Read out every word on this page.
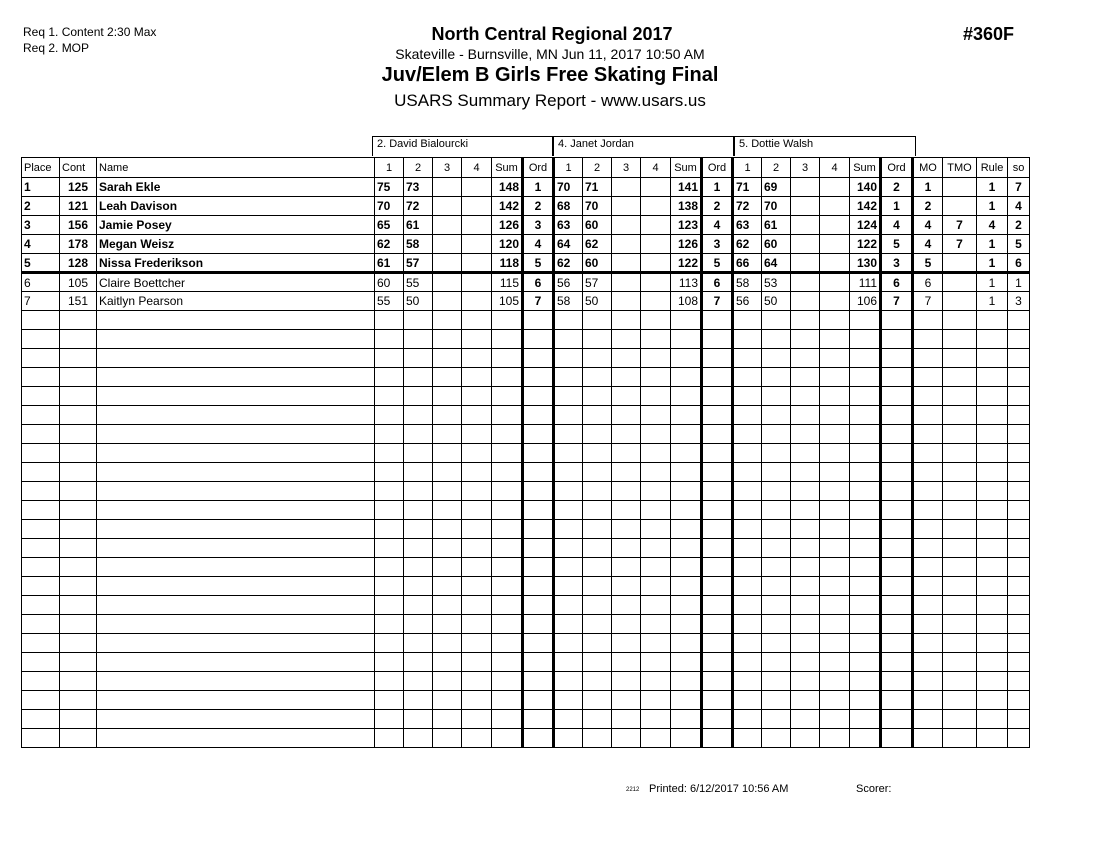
Req 1. Content 2:30 Max
Req 2. MOP
North Central Regional 2017
Skateville - Burnsville, MN Jun 11, 2017 10:50 AM
Juv/Elem B Girls Free Skating Final
USARS Summary Report - www.usars.us
#360F
2. David Bialourcki	4. Janet Jordan	5. Dottie Walsh
Place	Cont	Name	1	2	3	4	Sum	Ord	1	2	3	4	Sum	Ord	1	2	3	4	Sum	Ord	MO	TMO	Rule	so
1	125	Sarah Ekle	75	73			148	1	70	71			141	1	71	69			140	2	1		1	7
2	121	Leah Davison	70	72			142	2	68	70			138	2	72	70			142	1	2		1	4
3	156	Jamie Posey	65	61			126	3	63	60			123	4	63	61			124	4	4	7	4	2
4	178	Megan Weisz	62	58			120	4	64	62			126	3	62	60			122	5	4	7	1	5
5	128	Nissa Frederikson	61	57			118	5	62	60			122	5	66	64			130	3	5		1	6
6	105	Claire Boettcher	60	55			115	6	56	57			113	6	58	53			111	6	6		1	1
7	151	Kaitlyn Pearson	55	50			105	7	58	50			108	7	56	50			106	7	7		1	3

2212 Printed: 6/12/2017 10:56 AM	Scorer:
